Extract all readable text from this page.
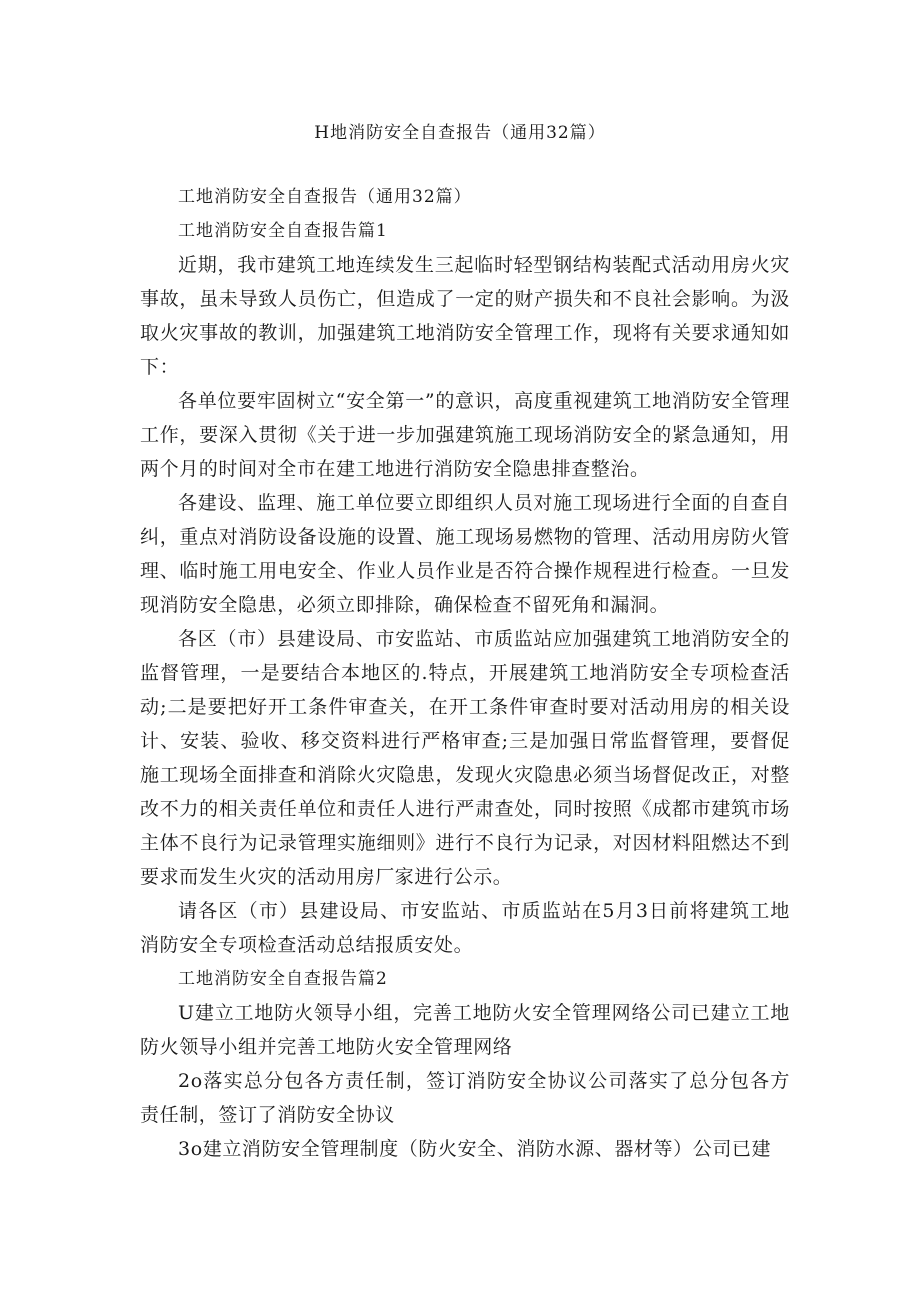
H地消防安全自查报告（通用32篇）

工地消防安全自查报告（通用32篇）

工地消防安全自查报告篇1

近期，我市建筑工地连续发生三起临时轻型钢结构装配式活动用房火灾事故，虽未导致人员伤亡，但造成了一定的财产损失和不良社会影响。为汲取火灾事故的教训，加强建筑工地消防安全管理工作，现将有关要求通知如下：

各单位要牢固树立“安全第一”的意识，高度重视建筑工地消防安全管理工作，要深入贯彻《关于进一步加强建筑施工现场消防安全的紧急通知，用两个月的时间对全市在建工地进行消防安全隐患排查整治。

各建设、监理、施工单位要立即组织人员对施工现场进行全面的自查自纠，重点对消防设备设施的设置、施工现场易燃物的管理、活动用房防火管理、临时施工用电安全、作业人员作业是否符合操作规程进行检查。一旦发现消防安全隐患，必须立即排除，确保检查不留死角和漏洞。

各区（市）县建设局、市安监站、市质监站应加强建筑工地消防安全的监督管理，一是要结合本地区的.特点，开展建筑工地消防安全专项检查活动;二是要把好开工条件审查关，在开工条件审查时要对活动用房的相关设计、安装、验收、移交资料进行严格审查;三是加强日常监督管理，要督促施工现场全面排查和消除火灾隐患，发现火灾隐患必须当场督促改正，对整改不力的相关责任单位和责任人进行严肃查处，同时按照《成都市建筑市场主体不良行为记录管理实施细则》进行不良行为记录，对因材料阻燃达不到要求而发生火灾的活动用房厂家进行公示。

请各区（市）县建设局、市安监站、市质监站在5月3日前将建筑工地消防安全专项检查活动总结报质安处。

工地消防安全自查报告篇2

U建立工地防火领导小组，完善工地防火安全管理网络公司已建立工地防火领导小组并完善工地防火安全管理网络

2o落实总分包各方责任制，签订消防安全协议公司落实了总分包各方责任制，签订了消防安全协议

3o建立消防安全管理制度（防火安全、消防水源、器材等）公司已建
